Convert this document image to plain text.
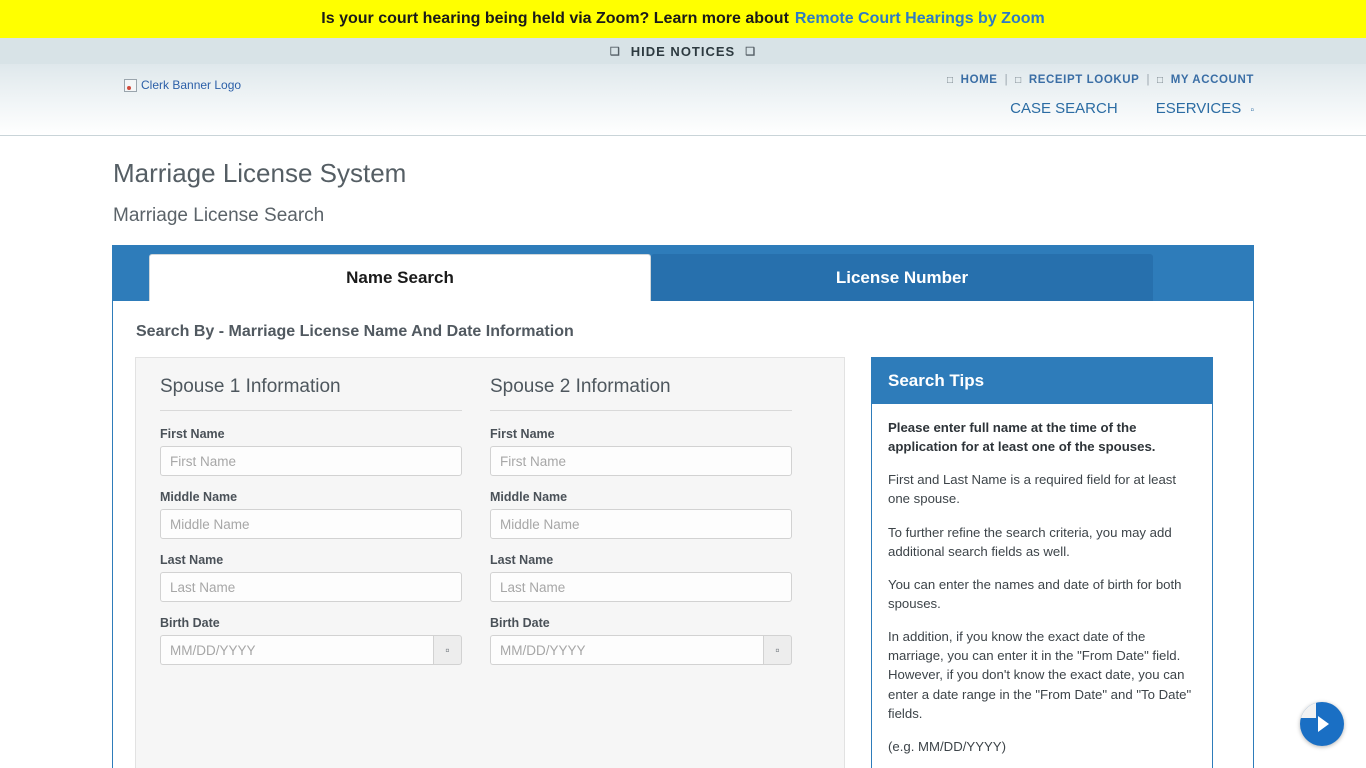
Is your court hearing being held via Zoom? Learn more about Remote Court Hearings by Zoom
❑ HIDE NOTICES ❑
Clerk Banner Logo	□ HOME | □ RECEIPT LOOKUP | □ MY ACCOUNT
CASE SEARCH	ESERVICES ▫
Marriage License System
Marriage License Search
Name Search	License Number
Search By - Marriage License Name And Date Information
Spouse 1 Information
First Name
First Name
Middle Name
Middle Name
Last Name
Last Name
Birth Date
MM/DD/YYYY
▫
Spouse 2 Information
First Name
First Name
Middle Name
Middle Name
Last Name
Last Name
Birth Date
MM/DD/YYYY
▫
Search Tips

Please enter full name at the time of the application for at least one of the spouses.

First and Last Name is a required field for at least one spouse.

To further refine the search criteria, you may add additional search fields as well.

You can enter the names and date of birth for both spouses.

In addition, if you know the exact date of the marriage, you can enter it in the "From Date" field. However, if you don't know the exact date, you can enter a date range in the "From Date" and "To Date" fields.

(e.g. MM/DD/YYYY)
